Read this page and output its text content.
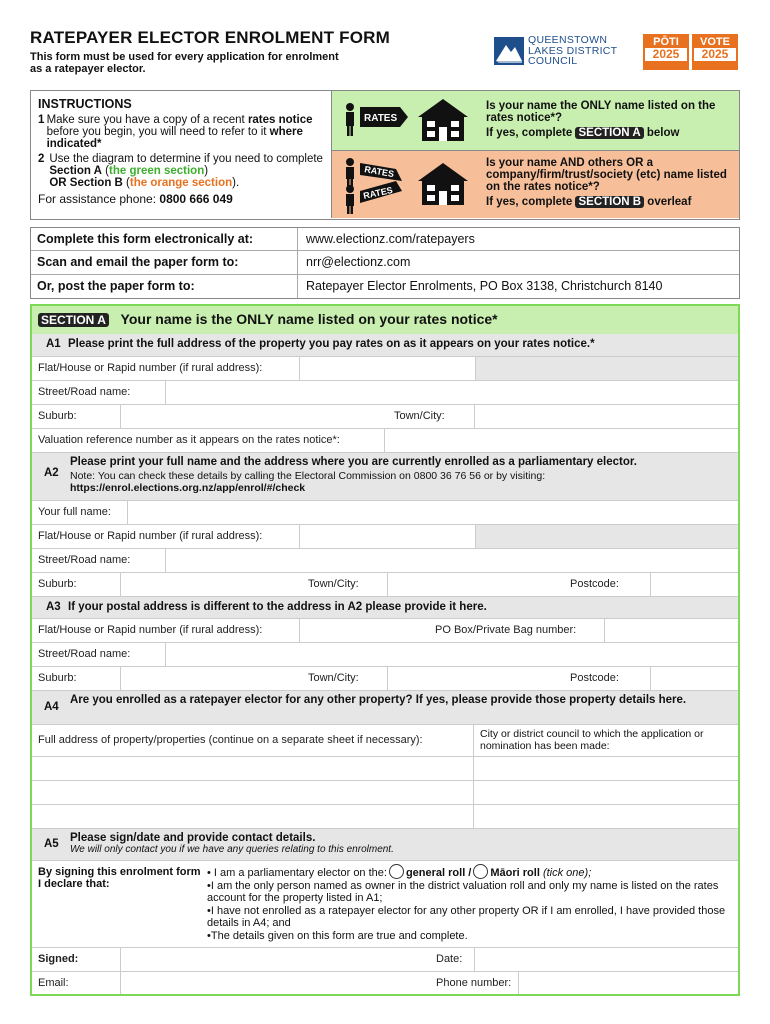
RATEPAYER ELECTOR ENROLMENT FORM
This form must be used for every application for enrolment as a ratepayer elector.
QUEENSTOWN
LAKES DISTRICT
COUNCIL
PŌTI
2025
VOTE
2025
INSTRUCTIONS
1 Make sure you have a copy of a recent rates notice before you begin, you will need to refer to it where indicated*
2 Use the diagram to determine if you need to complete Section A (the green section)
OR Section B (the orange section).
For assistance phone: 0800 666 049
RATES
Is your name the ONLY name listed on the rates notice*?
If yes, complete SECTION A below
RATES
RATES
Is your name AND others OR a company/firm/trust/society (etc) name listed on the rates notice*?
If yes, complete SECTION B overleaf
Complete this form electronically at:	www.electionz.com/ratepayers
Scan and email the paper form to:	nrr@electionz.com
Or, post the paper form to:	Ratepayer Elector Enrolments, PO Box 3138, Christchurch 8140
SECTION A Your name is the ONLY name listed on your rates notice*
A1 Please print the full address of the property you pay rates on as it appears on your rates notice.*
Flat/House or Rapid number (if rural address):
Street/Road name:
Suburb:	Town/City:
Valuation reference number as it appears on the rates notice*:
A2
Please print your full name and the address where you are currently enrolled as a parliamentary elector.
Note: You can check these details by calling the Electoral Commission on 0800 36 76 56 or by visiting:
https://enrol.elections.org.nz/app/enrol/#/check
Your full name:
Flat/House or Rapid number (if rural address):
Street/Road name:
Suburb:	Town/City:	Postcode:
A3 If your postal address is different to the address in A2 please provide it here.
Flat/House or Rapid number (if rural address):	PO Box/Private Bag number:
Street/Road name:
Suburb:	Town/City:	Postcode:
A4
Are you enrolled as a ratepayer elector for any other property? If yes, please provide those property details here.
Full address of property/properties (continue on a separate sheet if necessary):	City or district council to which the application or nomination has been made:
A5 Please sign/date and provide contact details.
We will only contact you if we have any queries relating to this enrolment.
By signing this enrolment form I declare that:
• I am a parliamentary elector on the: general roll / Māori roll (tick one);
• I am the only person named as owner in the district valuation roll and only my name is listed on the rates account for the property listed in A1;
• I have not enrolled as a ratepayer elector for any other property OR if I am enrolled, I have provided those details in A4; and
• The details given on this form are true and complete.
Signed:	Date:
Email:	Phone number:
